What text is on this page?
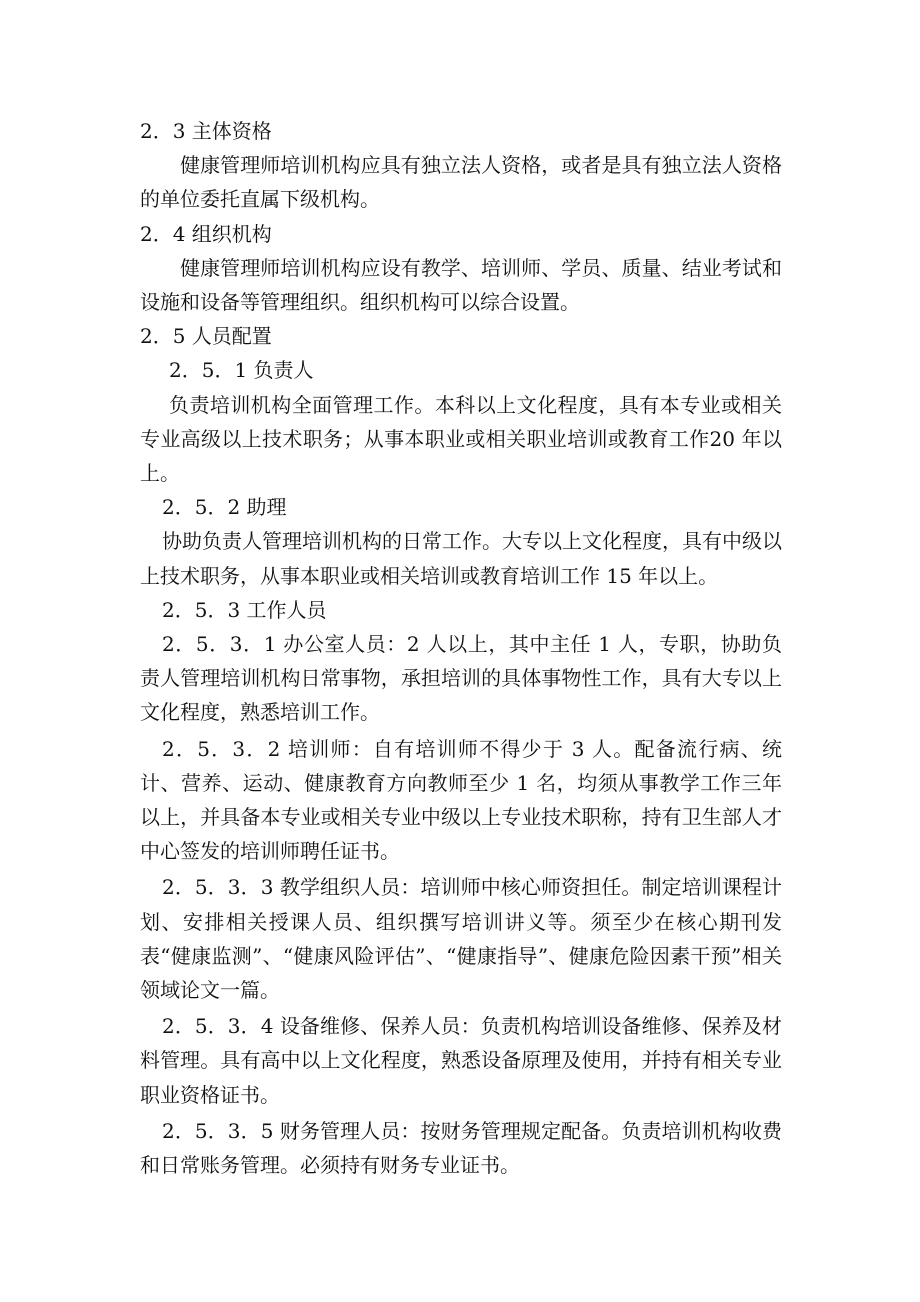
2．3 主体资格

健康管理师培训机构应具有独立法人资格，或者是具有独立法人资格的单位委托直属下级机构。

2．4 组织机构

健康管理师培训机构应设有教学、培训师、学员、质量、结业考试和设施和设备等管理组织。组织机构可以综合设置。

2．5 人员配置

2．5．1 负责人

负责培训机构全面管理工作。本科以上文化程度，具有本专业或相关专业高级以上技术职务；从事本职业或相关职业培训或教育工作20 年以上。

2．5．2 助理

协助负责人管理培训机构的日常工作。大专以上文化程度，具有中级以上技术职务，从事本职业或相关培训或教育培训工作 15 年以上。

2．5．3 工作人员

2．5．3．1 办公室人员：2 人以上，其中主任 1 人，专职，协助负责人管理培训机构日常事物，承担培训的具体事物性工作，具有大专以上文化程度，熟悉培训工作。

2．5．3．2 培训师：自有培训师不得少于 3 人。配备流行病、统计、营养、运动、健康教育方向教师至少 1 名，均须从事教学工作三年以上，并具备本专业或相关专业中级以上专业技术职称，持有卫生部人才中心签发的培训师聘任证书。

2．5．3．3 教学组织人员：培训师中核心师资担任。制定培训课程计划、安排相关授课人员、组织撰写培训讲义等。须至少在核心期刊发表“健康监测”、“健康风险评估”、“健康指导”、健康危险因素干预”相关领域论文一篇。

2．5．3．4 设备维修、保养人员：负责机构培训设备维修、保养及材料管理。具有高中以上文化程度，熟悉设备原理及使用，并持有相关专业职业资格证书。

2．5．3．5 财务管理人员：按财务管理规定配备。负责培训机构收费和日常账务管理。必须持有财务专业证书。
